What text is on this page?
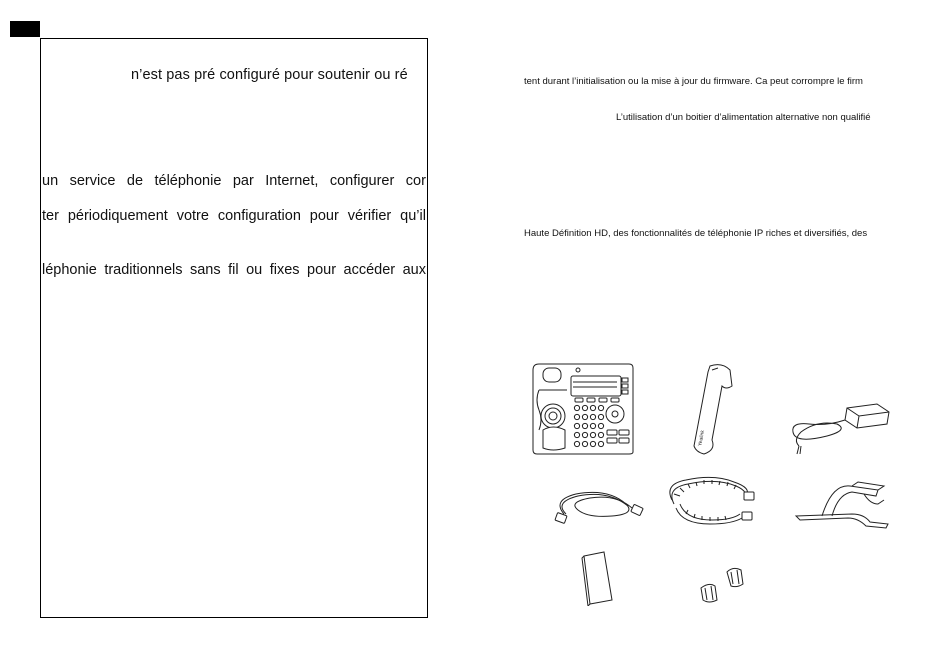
n’est pas pré configuré pour soutenir ou ré
un service de téléphonie par Internet, configurer cor
ter périodiquement votre configuration pour vérifier qu’il
léphonie traditionnels sans fil ou fixes pour accéder aux
tent durant l’initialisation ou la mise à jour du firmware. Ca peut corrompre le firm
L’utilisation d’un boitier d’alimentation alternative non qualifié
Haute Définition HD, des fonctionnalités de téléphonie IP riches et diversifiés, des
Yealink
